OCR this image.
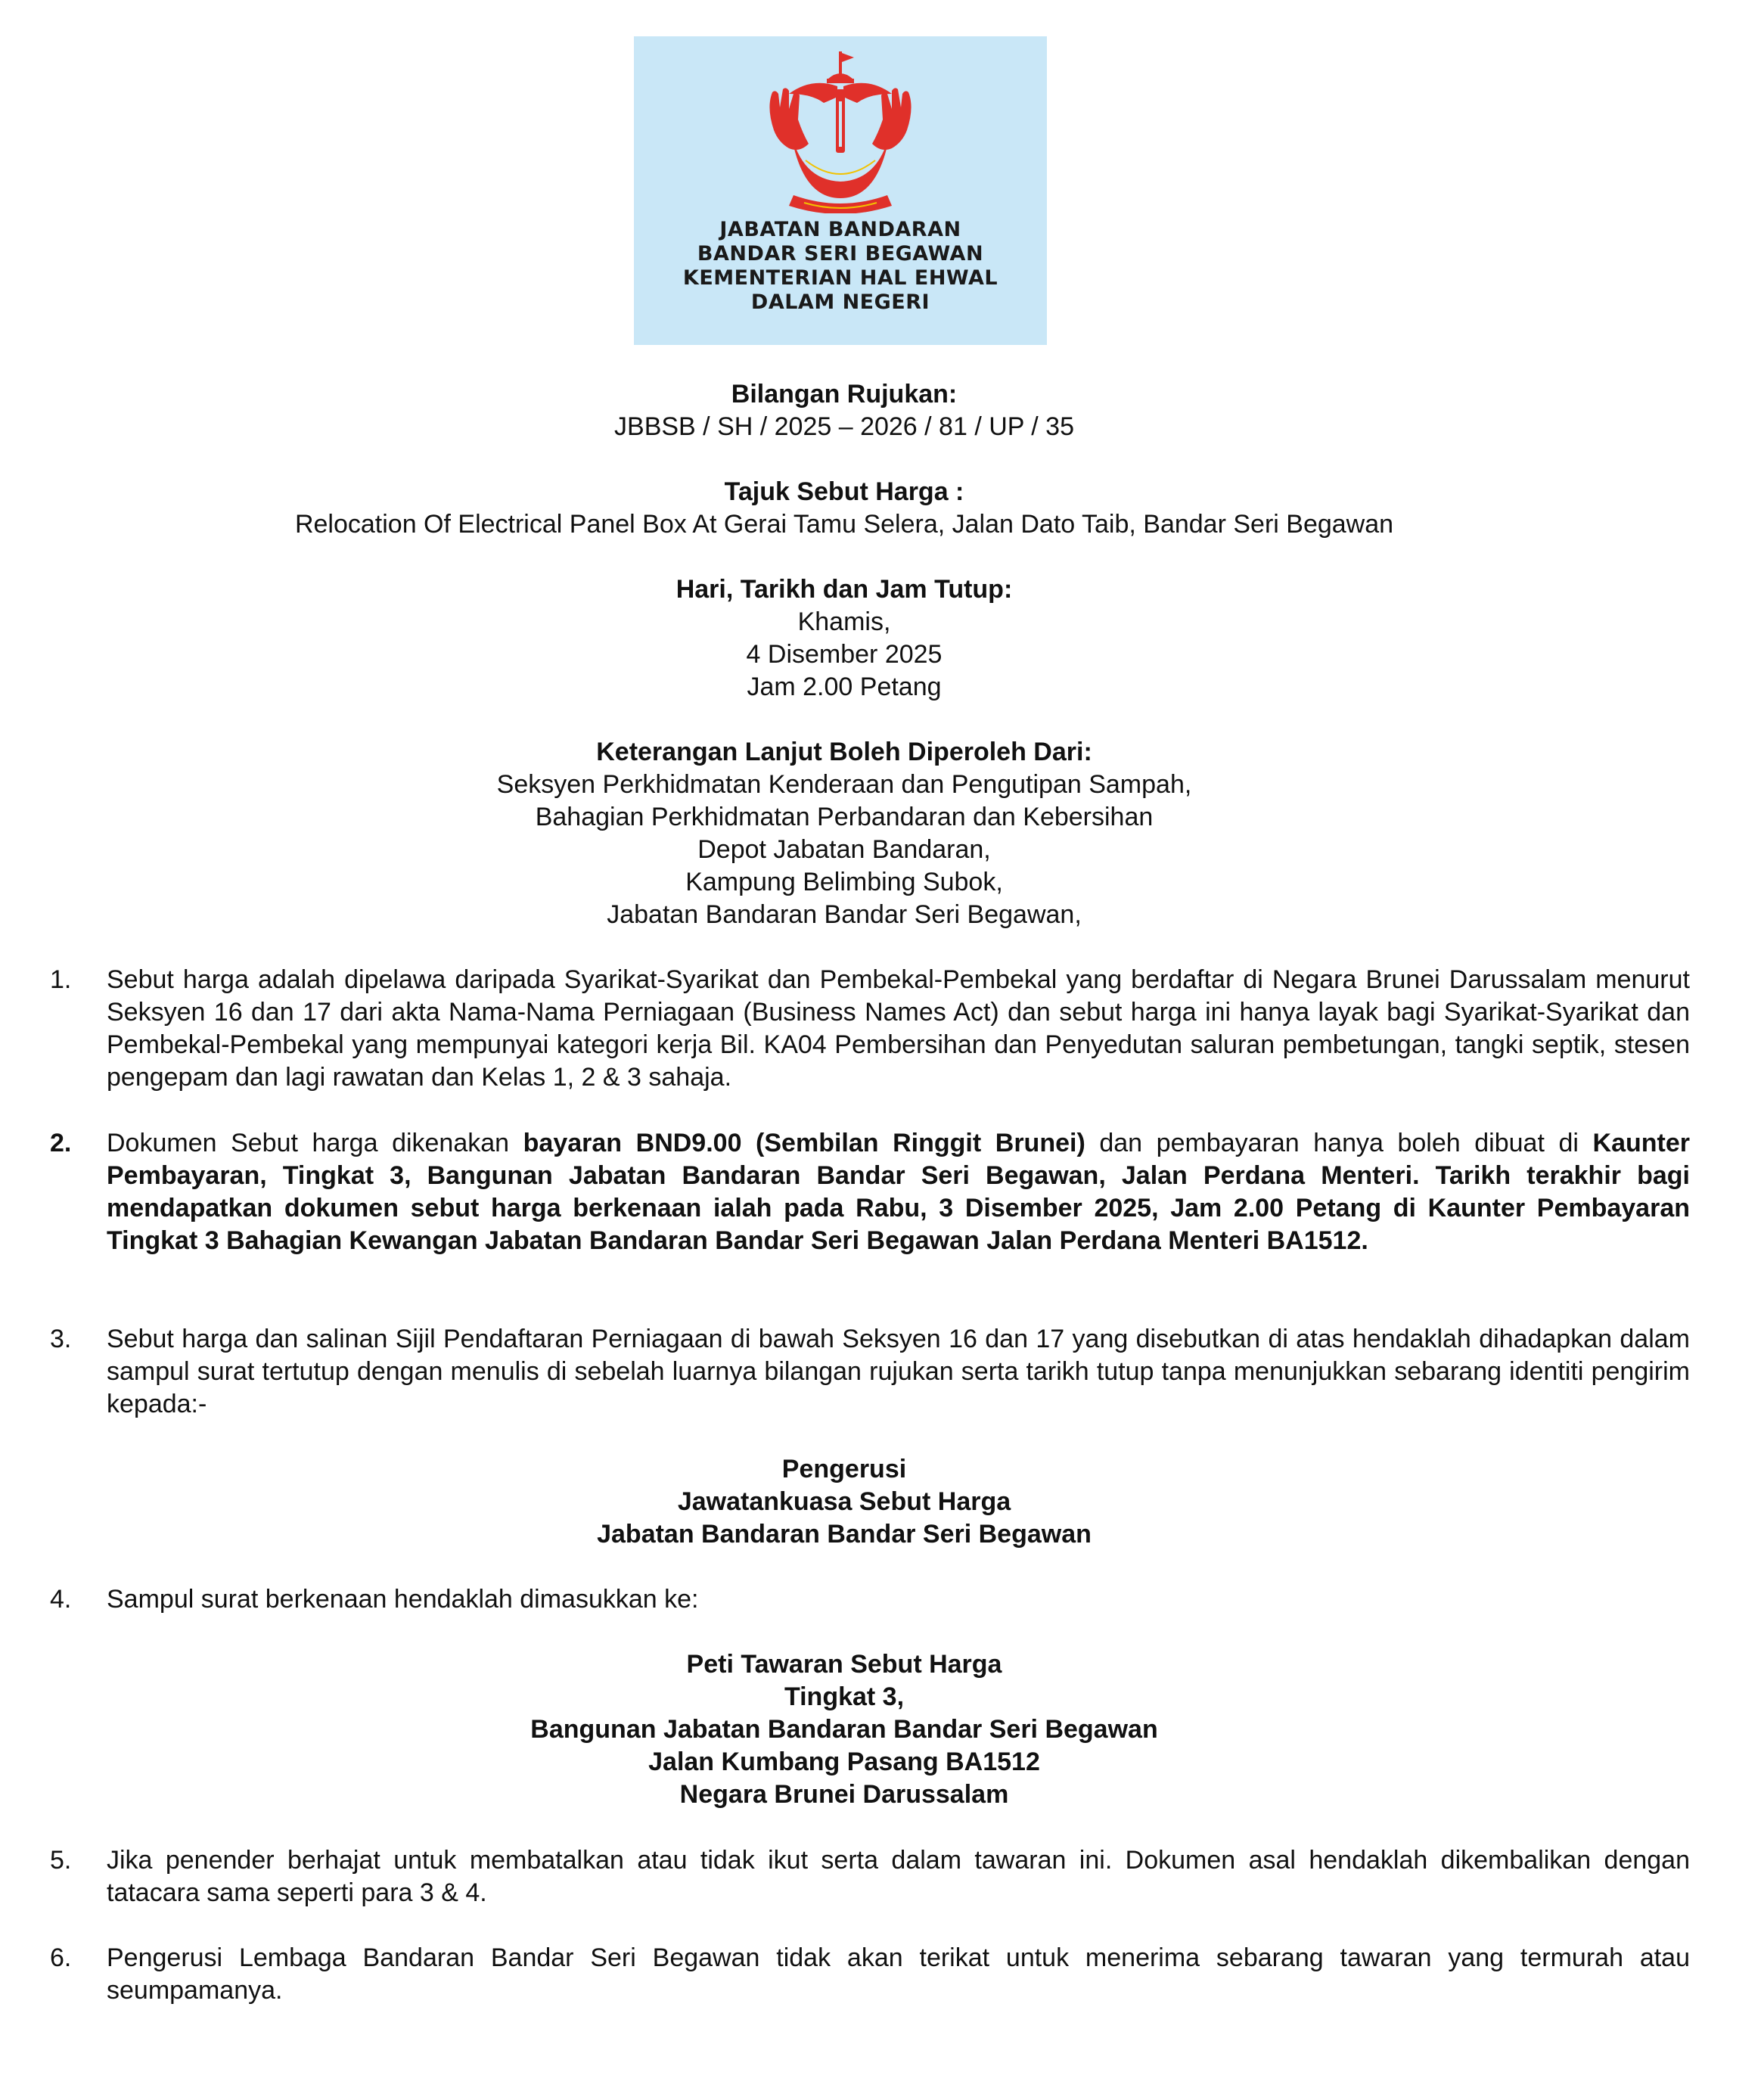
JABATAN BANDARAN
BANDAR SERI BEGAWAN
KEMENTERIAN HAL EHWAL
DALAM NEGERI
Bilangan Rujukan:
JBBSB / SH / 2025 – 2026 / 81 / UP / 35
Tajuk Sebut Harga :
Relocation Of Electrical Panel Box At Gerai Tamu Selera, Jalan Dato Taib, Bandar Seri Begawan
Hari, Tarikh dan Jam Tutup:
Khamis,
4 Disember 2025
Jam 2.00 Petang
Keterangan Lanjut Boleh Diperoleh Dari:
Seksyen Perkhidmatan Kenderaan dan Pengutipan Sampah,
Bahagian Perkhidmatan Perbandaran dan Kebersihan
Depot Jabatan Bandaran,
Kampung Belimbing Subok,
Jabatan Bandaran Bandar Seri Begawan,
1.	Sebut harga adalah dipelawa daripada Syarikat-Syarikat dan Pembekal-Pembekal yang berdaftar di Negara Brunei Darussalam menurut Seksyen 16 dan 17 dari akta Nama-Nama Perniagaan (Business Names Act) dan sebut harga ini hanya layak bagi Syarikat-Syarikat dan Pembekal-Pembekal yang mempunyai kategori kerja Bil. KA04 Pembersihan dan Penyedutan saluran pembetungan, tangki septik, stesen pengepam dan lagi rawatan dan Kelas 1, 2 & 3 sahaja.
2.	Dokumen Sebut harga dikenakan bayaran BND9.00 (Sembilan Ringgit Brunei) dan pembayaran hanya boleh dibuat di Kaunter Pembayaran, Tingkat 3, Bangunan Jabatan Bandaran Bandar Seri Begawan, Jalan Perdana Menteri. Tarikh terakhir bagi mendapatkan dokumen sebut harga berkenaan ialah pada Rabu, 3 Disember 2025, Jam 2.00 Petang di Kaunter Pembayaran Tingkat 3 Bahagian Kewangan Jabatan Bandaran Bandar Seri Begawan Jalan Perdana Menteri BA1512.
3.	Sebut harga dan salinan Sijil Pendaftaran Perniagaan di bawah Seksyen 16 dan 17 yang disebutkan di atas hendaklah dihadapkan dalam sampul surat tertutup dengan menulis di sebelah luarnya bilangan rujukan serta tarikh tutup tanpa menunjukkan sebarang identiti pengirim kepada:-
Pengerusi
Jawatankuasa Sebut Harga
Jabatan Bandaran Bandar Seri Begawan
4.	Sampul surat berkenaan hendaklah dimasukkan ke:
Peti Tawaran Sebut Harga
Tingkat 3,
Bangunan Jabatan Bandaran Bandar Seri Begawan
Jalan Kumbang Pasang BA1512
Negara Brunei Darussalam
5.	Jika penender berhajat untuk membatalkan atau tidak ikut serta dalam tawaran ini. Dokumen asal hendaklah dikembalikan dengan tatacara sama seperti para 3 & 4.
6.	Pengerusi Lembaga Bandaran Bandar Seri Begawan tidak akan terikat untuk menerima sebarang tawaran yang termurah atau seumpamanya.
